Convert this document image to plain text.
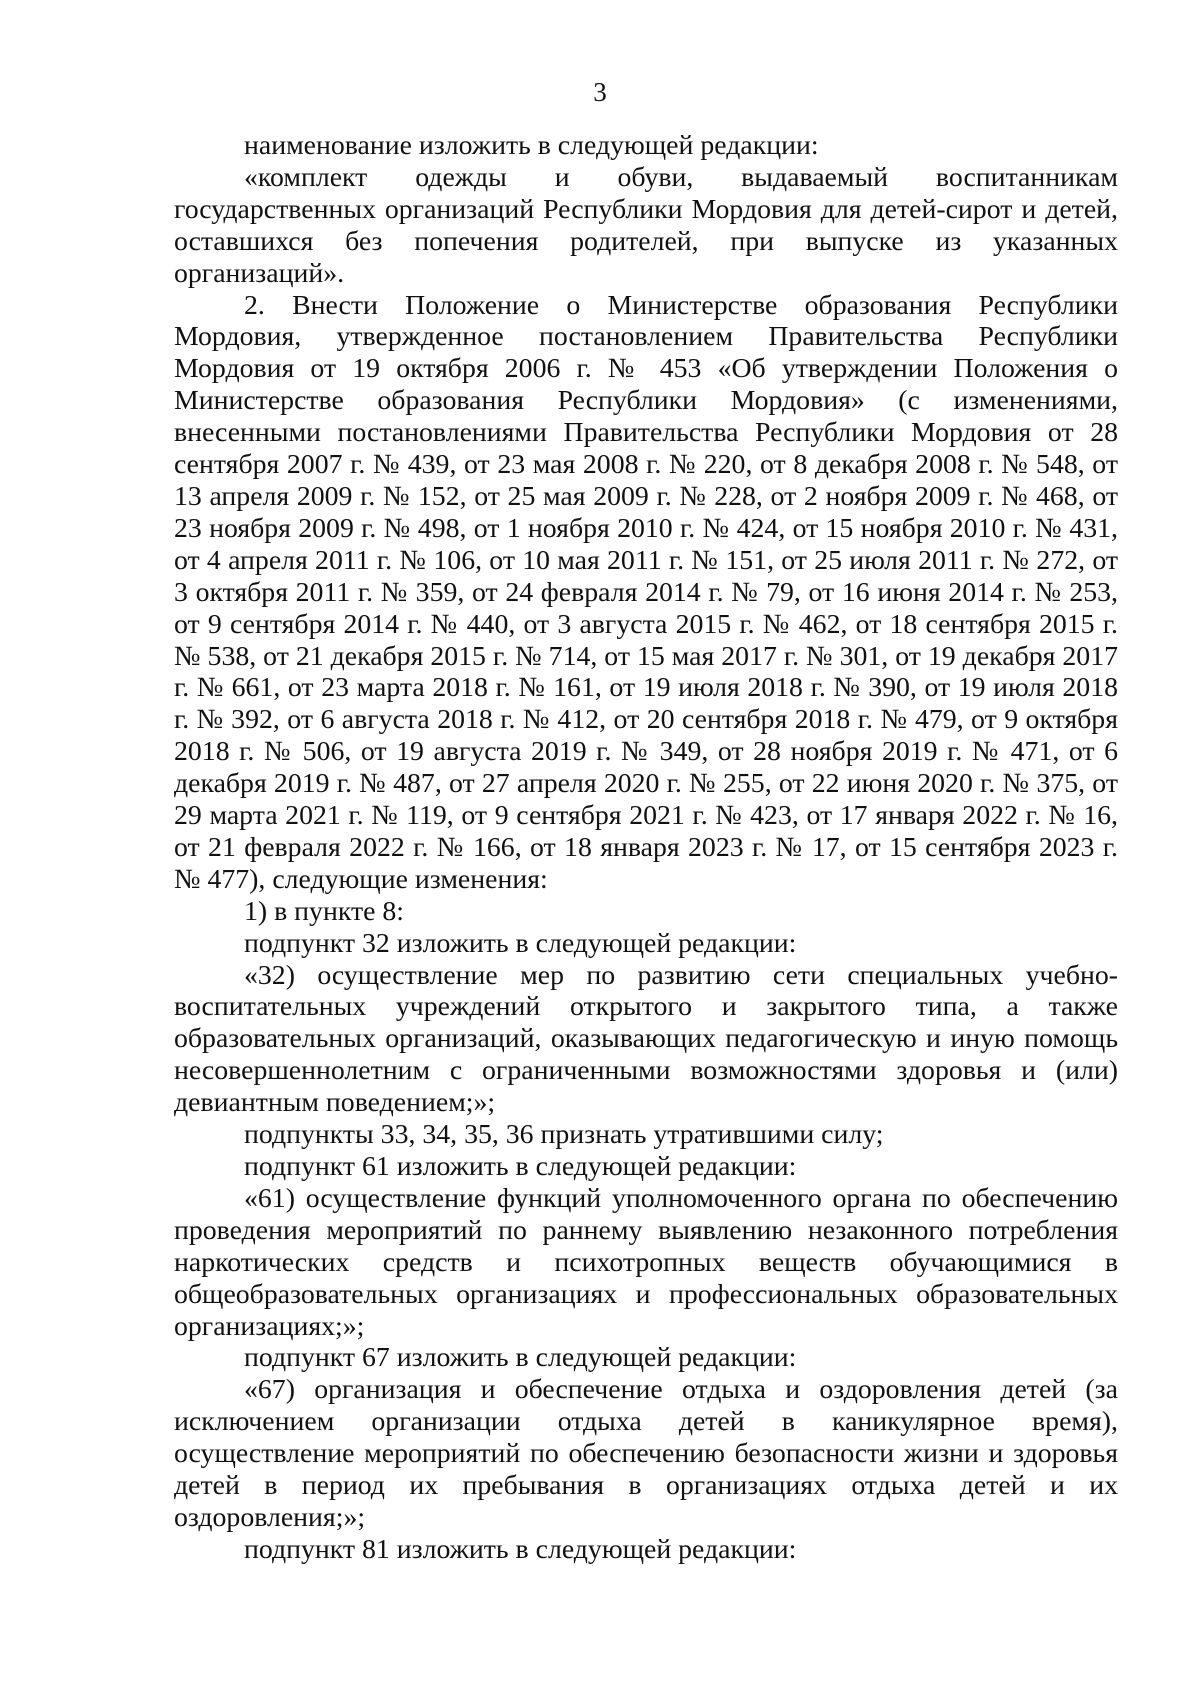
3

наименование изложить в следующей редакции:

«комплект одежды и обуви, выдаваемый воспитанникам государственных организаций Республики Мордовия для детей-сирот и детей, оставшихся без попечения родителей, при выпуске из указанных организаций».

2. Внести Положение о Министерстве образования Республики Мордовия, утвержденное постановлением Правительства Республики Мордовия от 19 октября 2006 г. № 453 «Об утверждении Положения о Министерстве образования Республики Мордовия» (с изменениями, внесенными постановлениями Правительства Республики Мордовия от 28 сентября 2007 г. № 439, от 23 мая 2008 г. № 220, от 8 декабря 2008 г. № 548, от 13 апреля 2009 г. № 152, от 25 мая 2009 г. № 228, от 2 ноября 2009 г. № 468, от 23 ноября 2009 г. № 498, от 1 ноября 2010 г. № 424, от 15 ноября 2010 г. № 431, от 4 апреля 2011 г. № 106, от 10 мая 2011 г. № 151, от 25 июля 2011 г. № 272, от 3 октября 2011 г. № 359, от 24 февраля 2014 г. № 79, от 16 июня 2014 г. № 253, от 9 сентября 2014 г. № 440, от 3 августа 2015 г. № 462, от 18 сентября 2015 г. № 538, от 21 декабря 2015 г. № 714, от 15 мая 2017 г. № 301, от 19 декабря 2017 г. № 661, от 23 марта 2018 г. № 161, от 19 июля 2018 г. № 390, от 19 июля 2018 г. № 392, от 6 августа 2018 г. № 412, от 20 сентября 2018 г. № 479, от 9 октября 2018 г. № 506, от 19 августа 2019 г. № 349, от 28 ноября 2019 г. № 471, от 6 декабря 2019 г. № 487, от 27 апреля 2020 г. № 255, от 22 июня 2020 г. № 375, от 29 марта 2021 г. № 119, от 9 сентября 2021 г. № 423, от 17 января 2022 г. № 16, от 21 февраля 2022 г. № 166, от 18 января 2023 г. № 17, от 15 сентября 2023 г. № 477), следующие изменения:

1) в пункте 8:

подпункт 32 изложить в следующей редакции:

«32) осуществление мер по развитию сети специальных учебно-воспитательных учреждений открытого и закрытого типа, а также образовательных организаций, оказывающих педагогическую и иную помощь несовершеннолетним с ограниченными возможностями здоровья и (или) девиантным поведением;»;

подпункты 33, 34, 35, 36 признать утратившими силу;

подпункт 61 изложить в следующей редакции:

«61) осуществление функций уполномоченного органа по обеспечению проведения мероприятий по раннему выявлению незаконного потребления наркотических средств и психотропных веществ обучающимися в общеобразовательных организациях и профессиональных образовательных организациях;»;

подпункт 67 изложить в следующей редакции:

«67) организация и обеспечение отдыха и оздоровления детей (за исключением организации отдыха детей в каникулярное время), осуществление мероприятий по обеспечению безопасности жизни и здоровья детей в период их пребывания в организациях отдыха детей и их оздоровления;»;

подпункт 81 изложить в следующей редакции:
